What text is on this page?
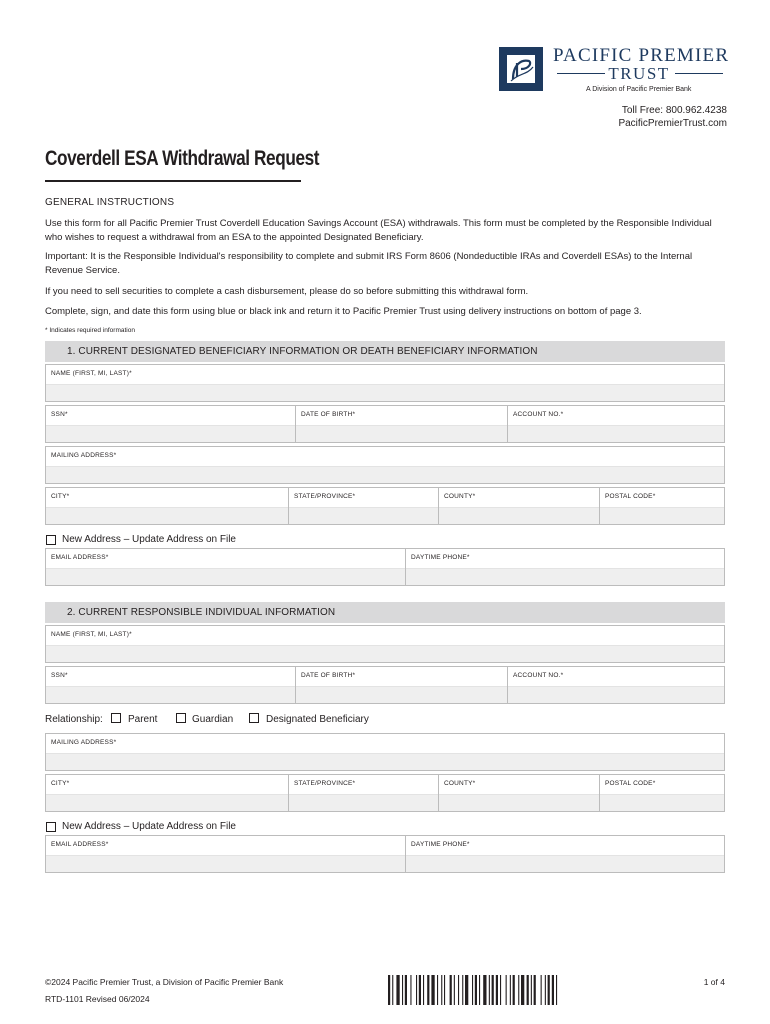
PACIFIC PREMIER
TRUST
A Division of Pacific Premier Bank
Toll Free: 800.962.4238
PacificPremierTrust.com
Coverdell ESA Withdrawal Request
GENERAL INSTRUCTIONS
Use this form for all Pacific Premier Trust Coverdell Education Savings Account (ESA) withdrawals. This form must be completed by the Responsible Individual who wishes to request a withdrawal from an ESA to the appointed Designated Beneficiary.
Important: It is the Responsible Individual's responsibility to complete and submit IRS Form 8606 (Nondeductible IRAs and Coverdell ESAs) to the Internal Revenue Service.
If you need to sell securities to complete a cash disbursement, please do so before submitting this withdrawal form.
Complete, sign, and date this form using blue or black ink and return it to Pacific Premier Trust using delivery instructions on bottom of page 3.
* Indicates required information
1. CURRENT DESIGNATED BENEFICIARY INFORMATION OR DEATH BENEFICIARY INFORMATION
NAME (FIRST, MI, LAST)*
SSN*	DATE OF BIRTH*	ACCOUNT NO.*
MAILING ADDRESS*
CITY*	STATE/PROVINCE*	COUNTY*	POSTAL CODE*
New Address – Update Address on File
EMAIL ADDRESS*	DAYTIME PHONE*
2. CURRENT RESPONSIBLE INDIVIDUAL INFORMATION
NAME (FIRST, MI, LAST)*
SSN*	DATE OF BIRTH*	ACCOUNT NO.*
Relationship:	Parent	Guardian	Designated Beneficiary
MAILING ADDRESS*
CITY*	STATE/PROVINCE*	COUNTY*	POSTAL CODE*
New Address – Update Address on File
EMAIL ADDRESS*	DAYTIME PHONE*
©2024 Pacific Premier Trust, a Division of Pacific Premier Bank
RTD-1101 Revised 06/2024
1 of 4
